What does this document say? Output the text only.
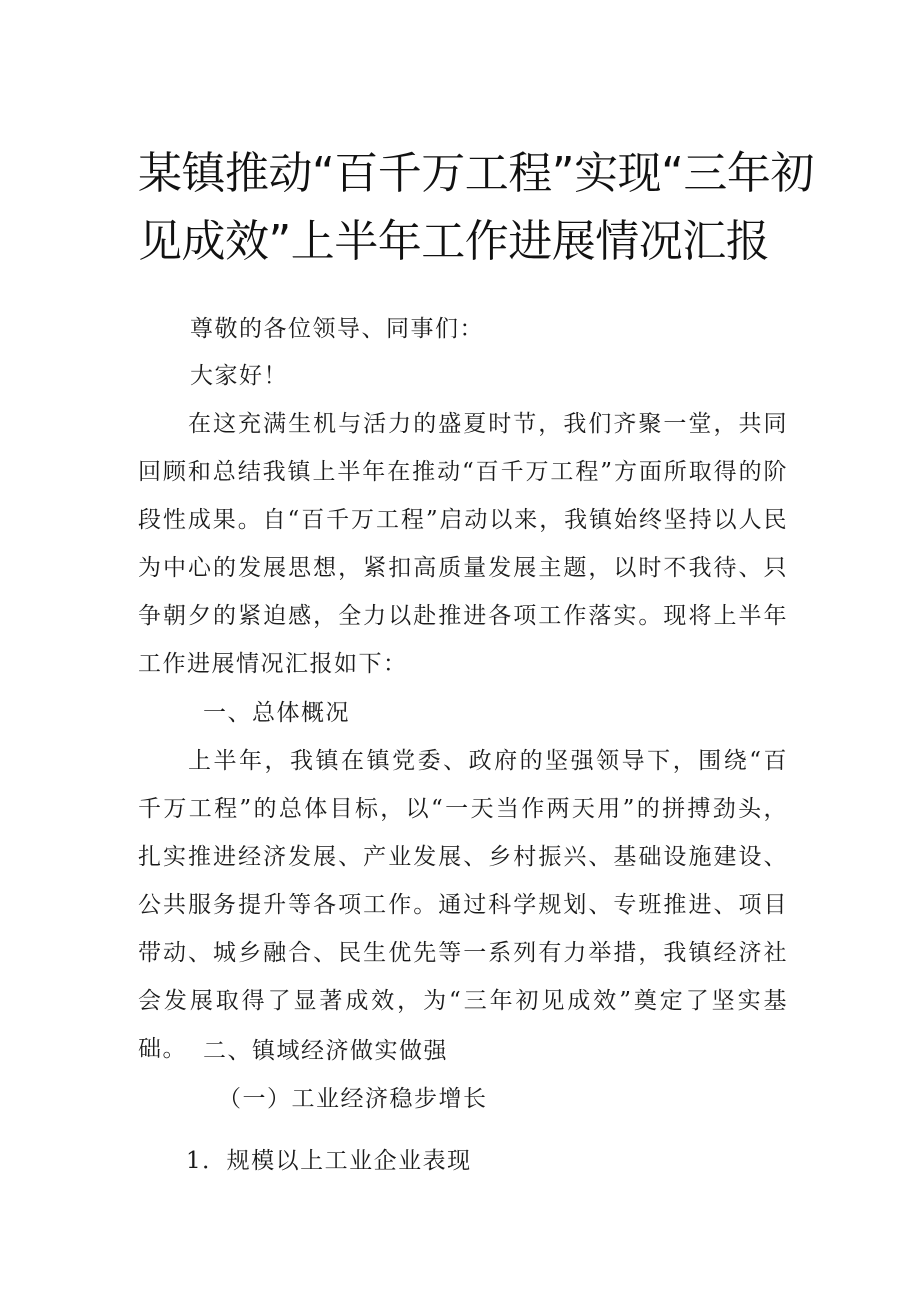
某镇推动“百千万工程”实现“三年初见成效”上半年工作进展情况汇报

尊敬的各位领导、同事们：

大家好！

在这充满生机与活力的盛夏时节，我们齐聚一堂，共同回顾和总结我镇上半年在推动“百千万工程”方面所取得的阶段性成果。自“百千万工程”启动以来，我镇始终坚持以人民为中心的发展思想，紧扣高质量发展主题，以时不我待、只争朝夕的紧迫感，全力以赴推进各项工作落实。现将上半年工作进展情况汇报如下：

一、总体概况

上半年，我镇在镇党委、政府的坚强领导下，围绕“百千万工程”的总体目标，以“一天当作两天用”的拼搏劲头，扎实推进经济发展、产业发展、乡村振兴、基础设施建设、公共服务提升等各项工作。通过科学规划、专班推进、项目带动、城乡融合、民生优先等一系列有力举措，我镇经济社会发展取得了显著成效，为“三年初见成效”奠定了坚实基础。 二、镇域经济做实做强

（一）工业经济稳步增长

1．规模以上工业企业表现
